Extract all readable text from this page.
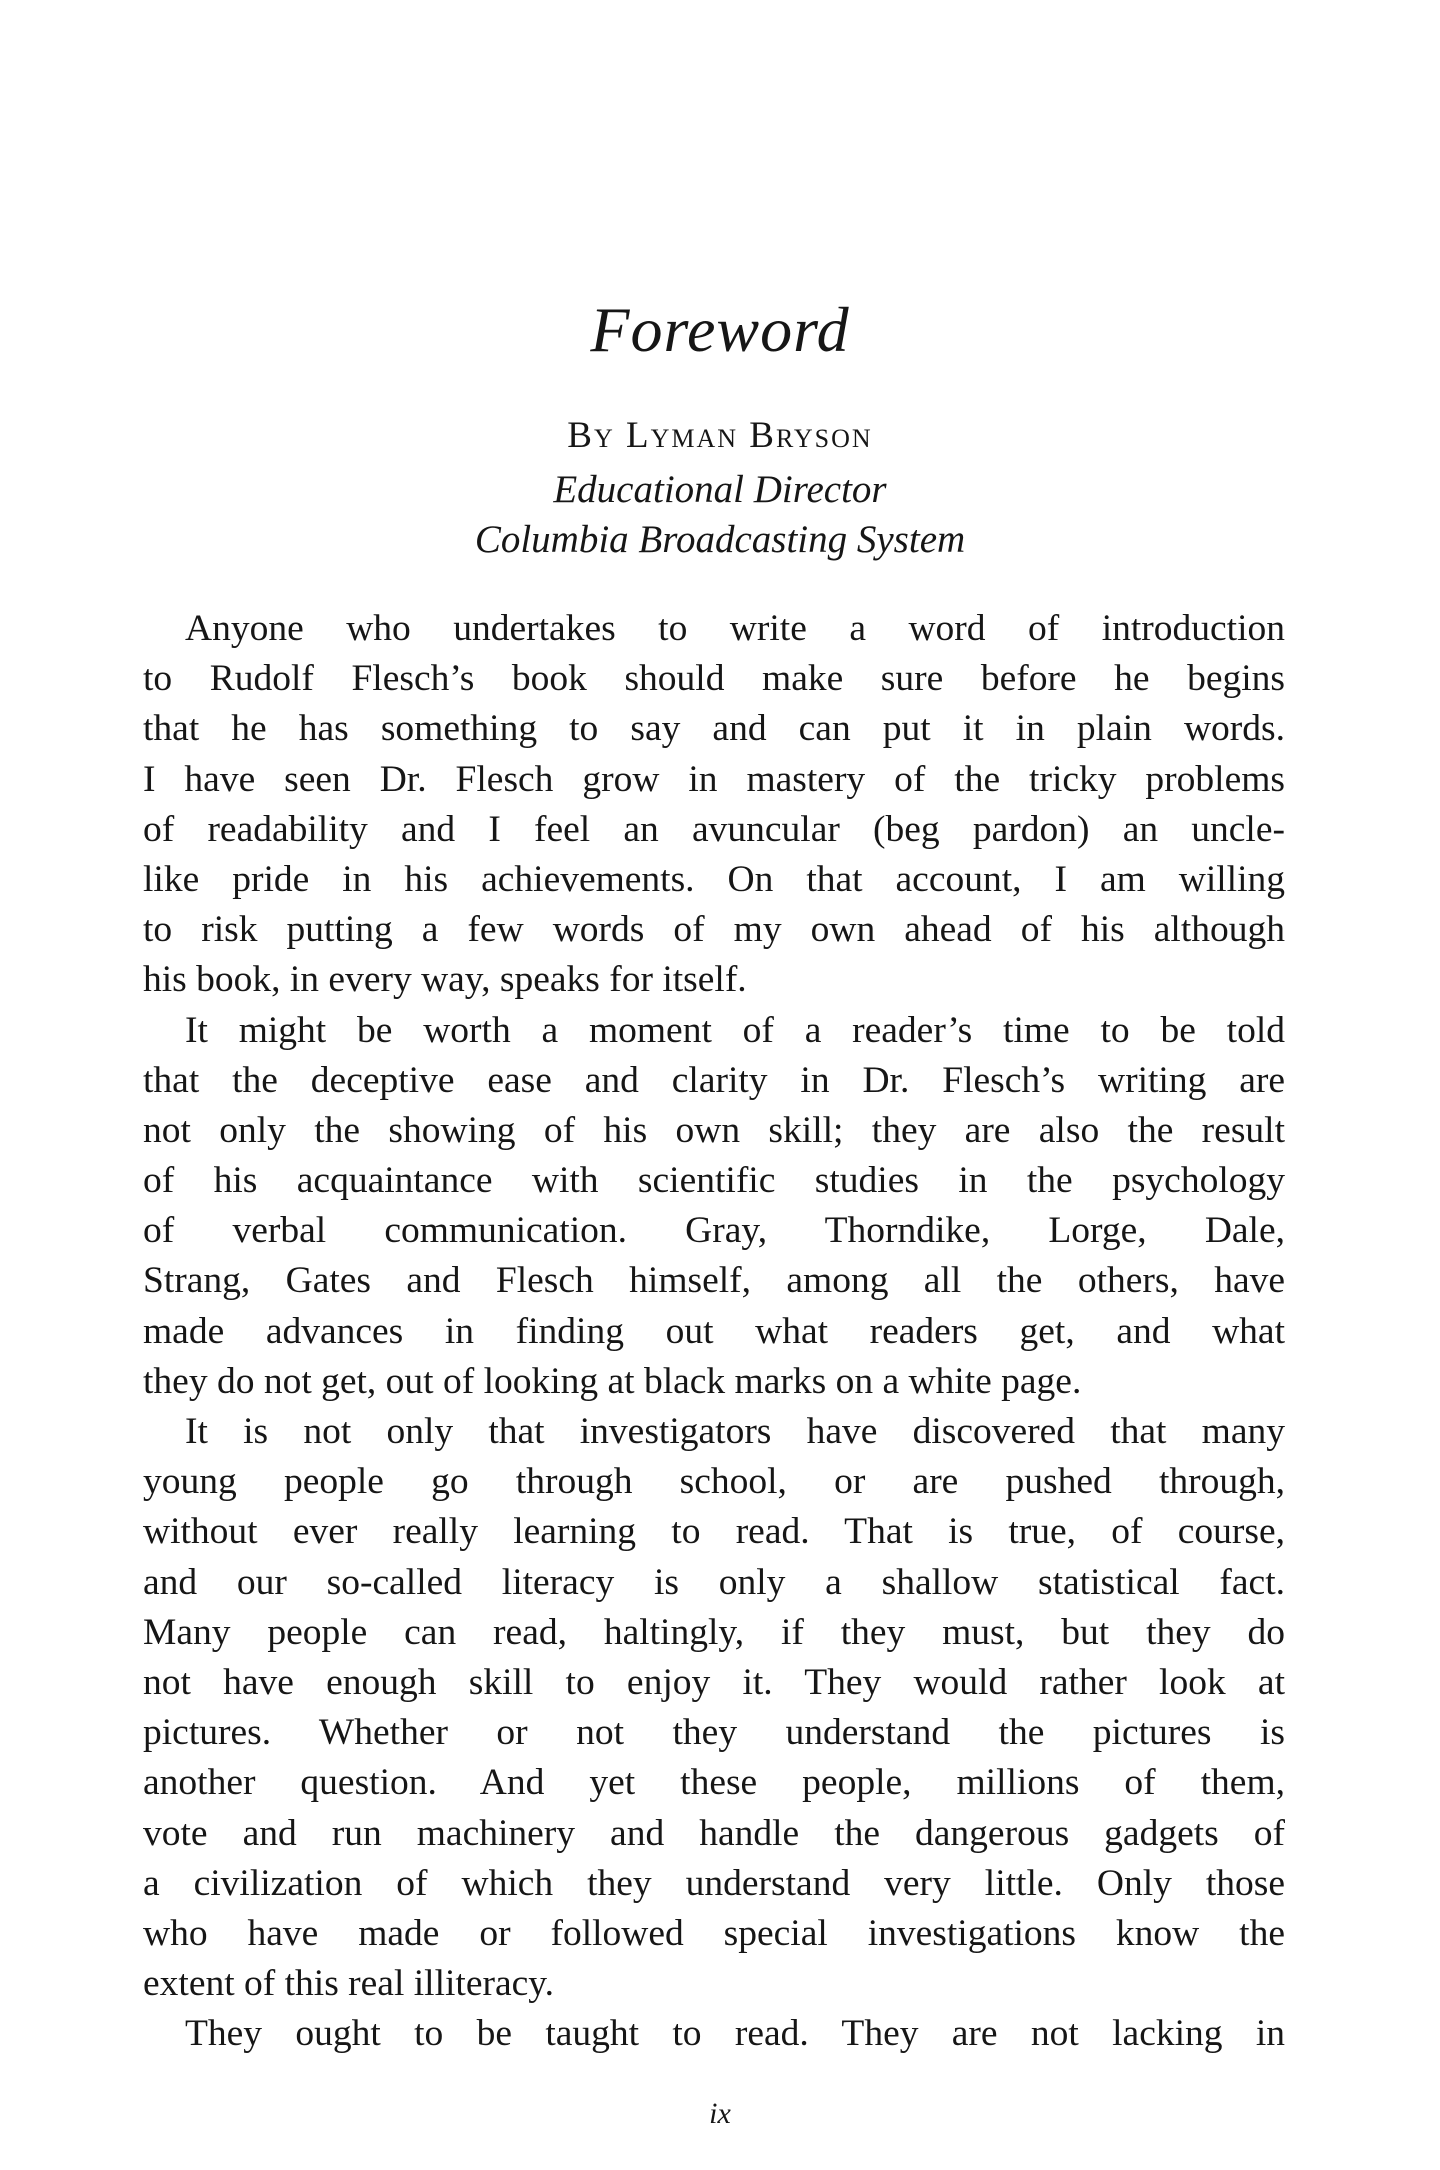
Foreword
By Lyman Bryson
Educational Director
Columbia Broadcasting System
Anyone who undertakes to write a word of introduction
to Rudolf Flesch’s book should make sure before he begins
that he has something to say and can put it in plain words.
I have seen Dr. Flesch grow in mastery of the tricky problems
of readability and I feel an avuncular (beg pardon) an uncle-
like pride in his achievements. On that account, I am willing
to risk putting a few words of my own ahead of his although
his book, in every way, speaks for itself.
It might be worth a moment of a reader’s time to be told
that the deceptive ease and clarity in Dr. Flesch’s writing are
not only the showing of his own skill; they are also the result
of his acquaintance with scientific studies in the psychology
of verbal communication. Gray, Thorndike, Lorge, Dale,
Strang, Gates and Flesch himself, among all the others, have
made advances in finding out what readers get, and what
they do not get, out of looking at black marks on a white page.
It is not only that investigators have discovered that many
young people go through school, or are pushed through,
without ever really learning to read. That is true, of course,
and our so-called literacy is only a shallow statistical fact.
Many people can read, haltingly, if they must, but they do
not have enough skill to enjoy it. They would rather look at
pictures. Whether or not they understand the pictures is
another question. And yet these people, millions of them,
vote and run machinery and handle the dangerous gadgets of
a civilization of which they understand very little. Only those
who have made or followed special investigations know the
extent of this real illiteracy.
They ought to be taught to read. They are not lacking in
ix
